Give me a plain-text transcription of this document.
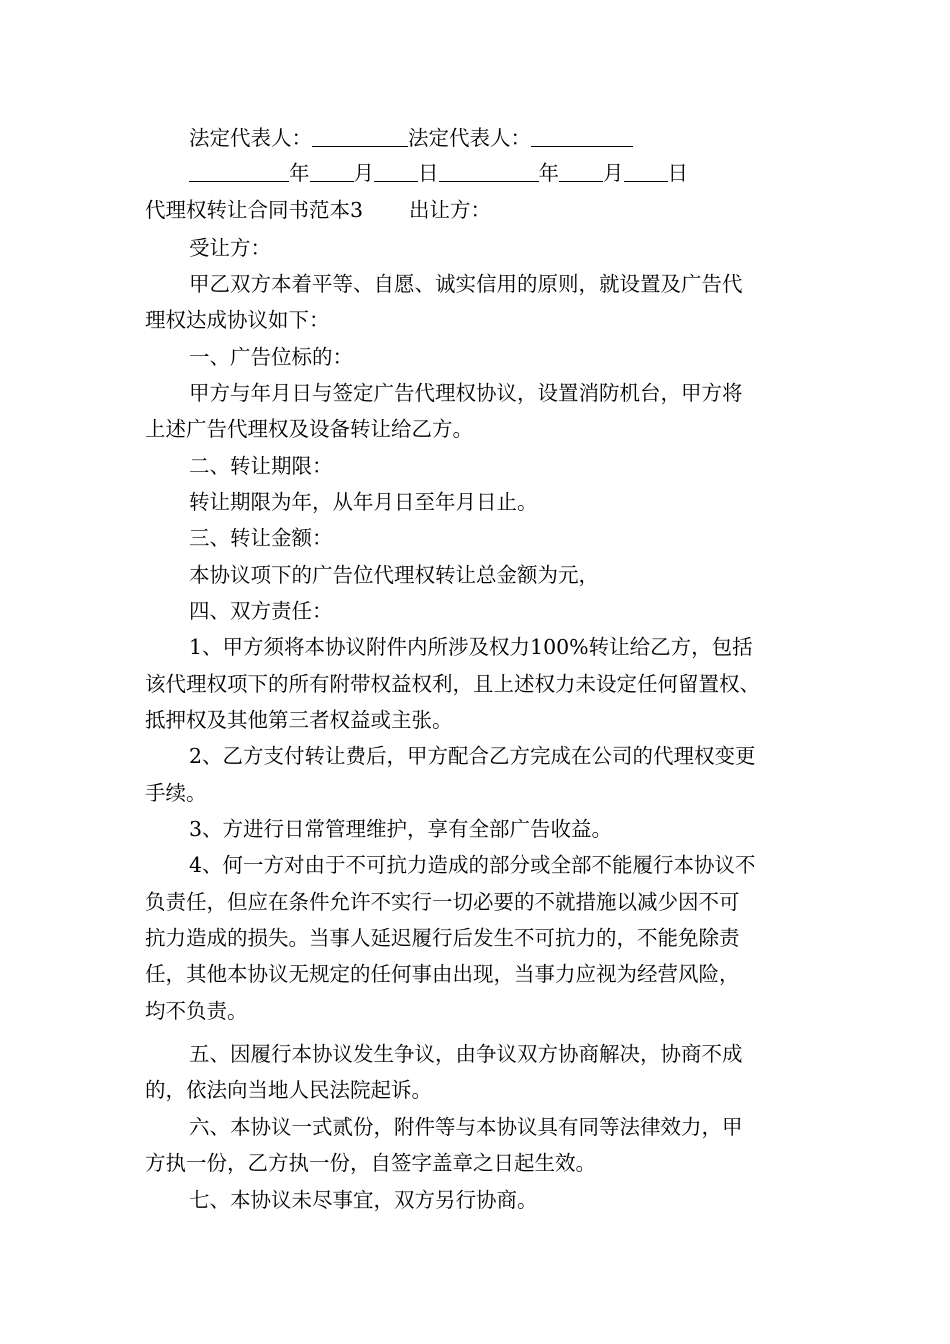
法定代表人：	法定代表人：
年 月 日	年 月 日
代理权转让合同书范本3 出让方：
受让方：
甲乙双方本着平等、自愿、诚实信用的原则，就设置及广告代
理权达成协议如下：
一、广告位标的：
甲方与年月日与签定广告代理权协议，设置消防机台，甲方将
上述广告代理权及设备转让给乙方。
二、转让期限：
转让期限为年，从年月日至年月日止。
三、转让金额：
本协议项下的广告位代理权转让总金额为元，
四、双方责任：
1、甲方须将本协议附件内所涉及权力100%转让给乙方，包括
该代理权项下的所有附带权益权利，且上述权力未设定任何留置权、
抵押权及其他第三者权益或主张。
2、乙方支付转让费后，甲方配合乙方完成在公司的代理权变更
手续。
3、方进行日常管理维护，享有全部广告收益。
4、何一方对由于不可抗力造成的部分或全部不能履行本协议不
负责任，但应在条件允许不实行一切必要的不就措施以减少因不可
抗力造成的损失。当事人延迟履行后发生不可抗力的，不能免除责
任，其他本协议无规定的任何事由出现，当事力应视为经营风险，
均不负责。
五、因履行本协议发生争议，由争议双方协商解决，协商不成
的，依法向当地人民法院起诉。
六、本协议一式贰份，附件等与本协议具有同等法律效力，甲
方执一份，乙方执一份，自签字盖章之日起生效。
七、本协议未尽事宜，双方另行协商。
